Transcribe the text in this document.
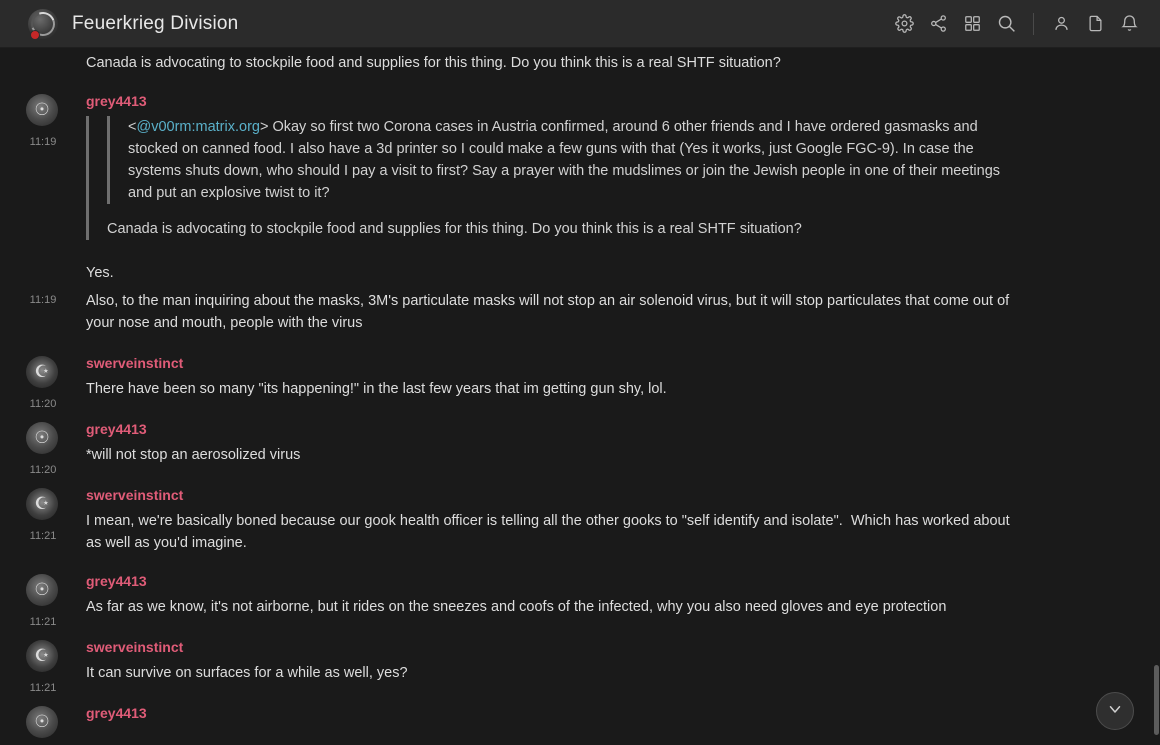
Feuerkrieg Division
Canada is advocating to stockpile food and supplies for this thing. Do you think this is a real SHTF situation?
☉
11:19
grey4413

<@v00rm:matrix.org> Okay so first two Corona cases in Austria confirmed, around 6 other friends and I have ordered gasmasks and stocked on canned food. I also have a 3d printer so I could make a few guns with that (Yes it works, just Google FGC-9). In case the systems shuts down, who should I pay a visit to first? Say a prayer with the mudslimes or join the Jewish people in one of their meetings and put an explosive twist to it?

Canada is advocating to stockpile food and supplies for this thing. Do you think this is a real SHTF situation?

Yes.
11:19 Also, to the man inquiring about the masks, 3M's particulate masks will not stop an air solenoid virus, but it will stop particulates that come out of your nose and mouth, people with the virus
☪
11:20
swerveinstinct
There have been so many "its happening!" in the last few years that im getting gun shy, lol.
☉
11:20
grey4413
*will not stop an aerosolized virus
☪
11:21
swerveinstinct
I mean, we're basically boned because our gook health officer is telling all the other gooks to "self identify and isolate".  Which has worked about as well as you'd imagine.
☉
11:21
grey4413
As far as we know, it's not airborne, but it rides on the sneezes and coofs of the infected, why you also need gloves and eye protection
☪
11:21
swerveinstinct
It can survive on surfaces for a while as well, yes?
☉	grey4413
